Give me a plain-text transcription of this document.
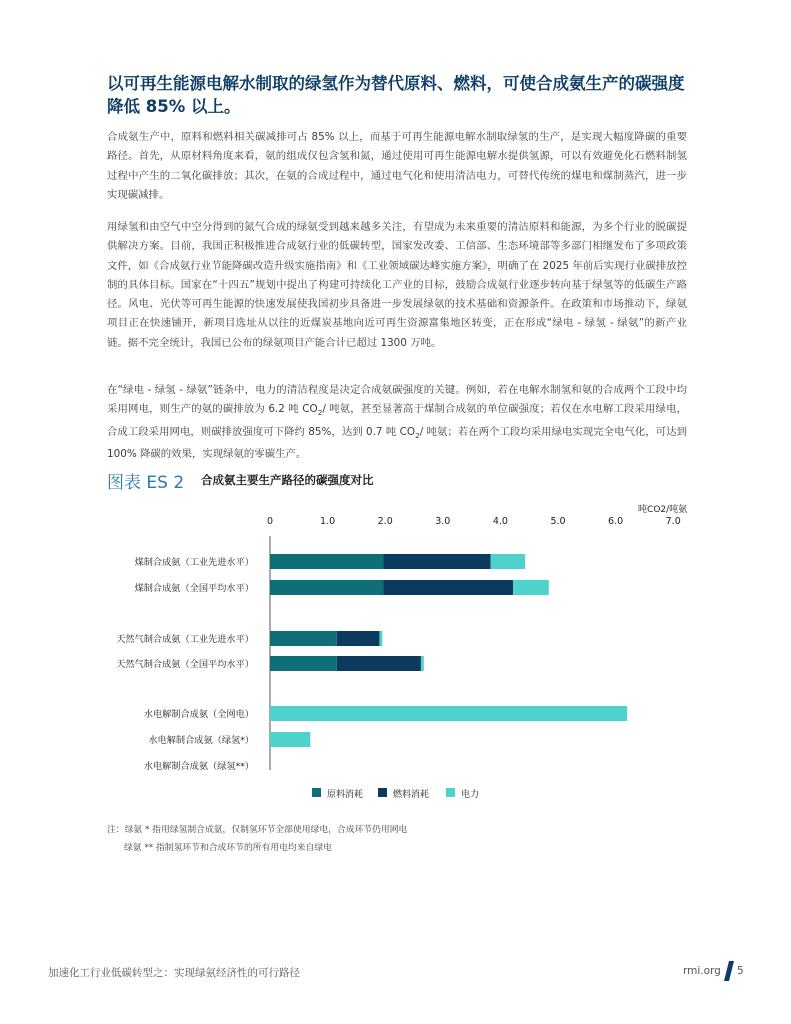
以可再生能源电解水制取的绿氢作为替代原料、燃料，可使合成氨生产的碳强度降低 85% 以上。

合成氨生产中，原料和燃料相关碳减排可占 85% 以上，而基于可再生能源电解水制取绿氢的生产，是实现大幅度降碳的重要路径。首先，从原材料角度来看，氨的组成仅包含氢和氮，通过使用可再生能源电解水提供氢源，可以有效避免化石燃料制氢过程中产生的二氧化碳排放；其次，在氨的合成过程中，通过电气化和使用清洁电力，可替代传统的煤电和煤制蒸汽，进一步实现碳减排。

用绿氢和由空气中空分得到的氮气合成的绿氨受到越来越多关注，有望成为未来重要的清洁原料和能源，为多个行业的脱碳提供解决方案。目前，我国正积极推进合成氨行业的低碳转型，国家发改委、工信部、生态环境部等多部门相继发布了多项政策文件，如《合成氨行业节能降碳改造升级实施指南》和《工业领域碳达峰实施方案》，明确了在 2025 年前后实现行业碳排放控制的具体目标。国家在“十四五”规划中提出了构建可持续化工产业的目标，鼓励合成氨行业逐步转向基于绿氢等的低碳生产路径。风电、光伏等可再生能源的快速发展使我国初步具备进一步发展绿氨的技术基础和资源条件。在政策和市场推动下，绿氨项目正在快速铺开，新项目选址从以往的近煤炭基地向近可再生资源富集地区转变，正在形成“绿电 - 绿氢 - 绿氨”的新产业链。据不完全统计，我国已公布的绿氨项目产能合计已超过 1300 万吨。

在“绿电 - 绿氢 - 绿氨”链条中，电力的清洁程度是决定合成氨碳强度的关键。例如，若在电解水制氢和氨的合成两个工段中均采用网电，则生产的氨的碳排放为 6.2 吨 $CO_2/$ 吨氨，甚至显著高于煤制合成氨的单位碳强度；若仅在水电解工段采用绿电，合成工段采用网电，则碳排放强度可下降约 85%，达到 0.7 吨 $CO_2/$ 吨氨；若在两个工段均采用绿电实现完全电气化，可达到 100% 降碳的效果，实现绿氨的零碳生产。

图表 ES 2 合成氨主要生产路径的碳强度对比
吨CO2/吨氨
0	1.0	2.0	3.0	4.0	5.0	6.0	7.0
煤制合成氨（工业先进水平）
煤制合成氨（全国平均水平）
天然气制合成氨（工业先进水平）
天然气制合成氨（全国平均水平）
水电解制合成氨（全网电）
水电解制合成氨（绿氢*）
水电解制合成氨（绿氢**）
原料消耗	燃料消耗	电力
注：绿氨 * 指用绿氢制合成氨，仅制氢环节全部使用绿电，合成环节仍用网电
绿氨 ** 指制氢环节和合成环节的所有用电均来自绿电
加速化工行业低碳转型之：实现绿氨经济性的可行路径	rmi.org 5
